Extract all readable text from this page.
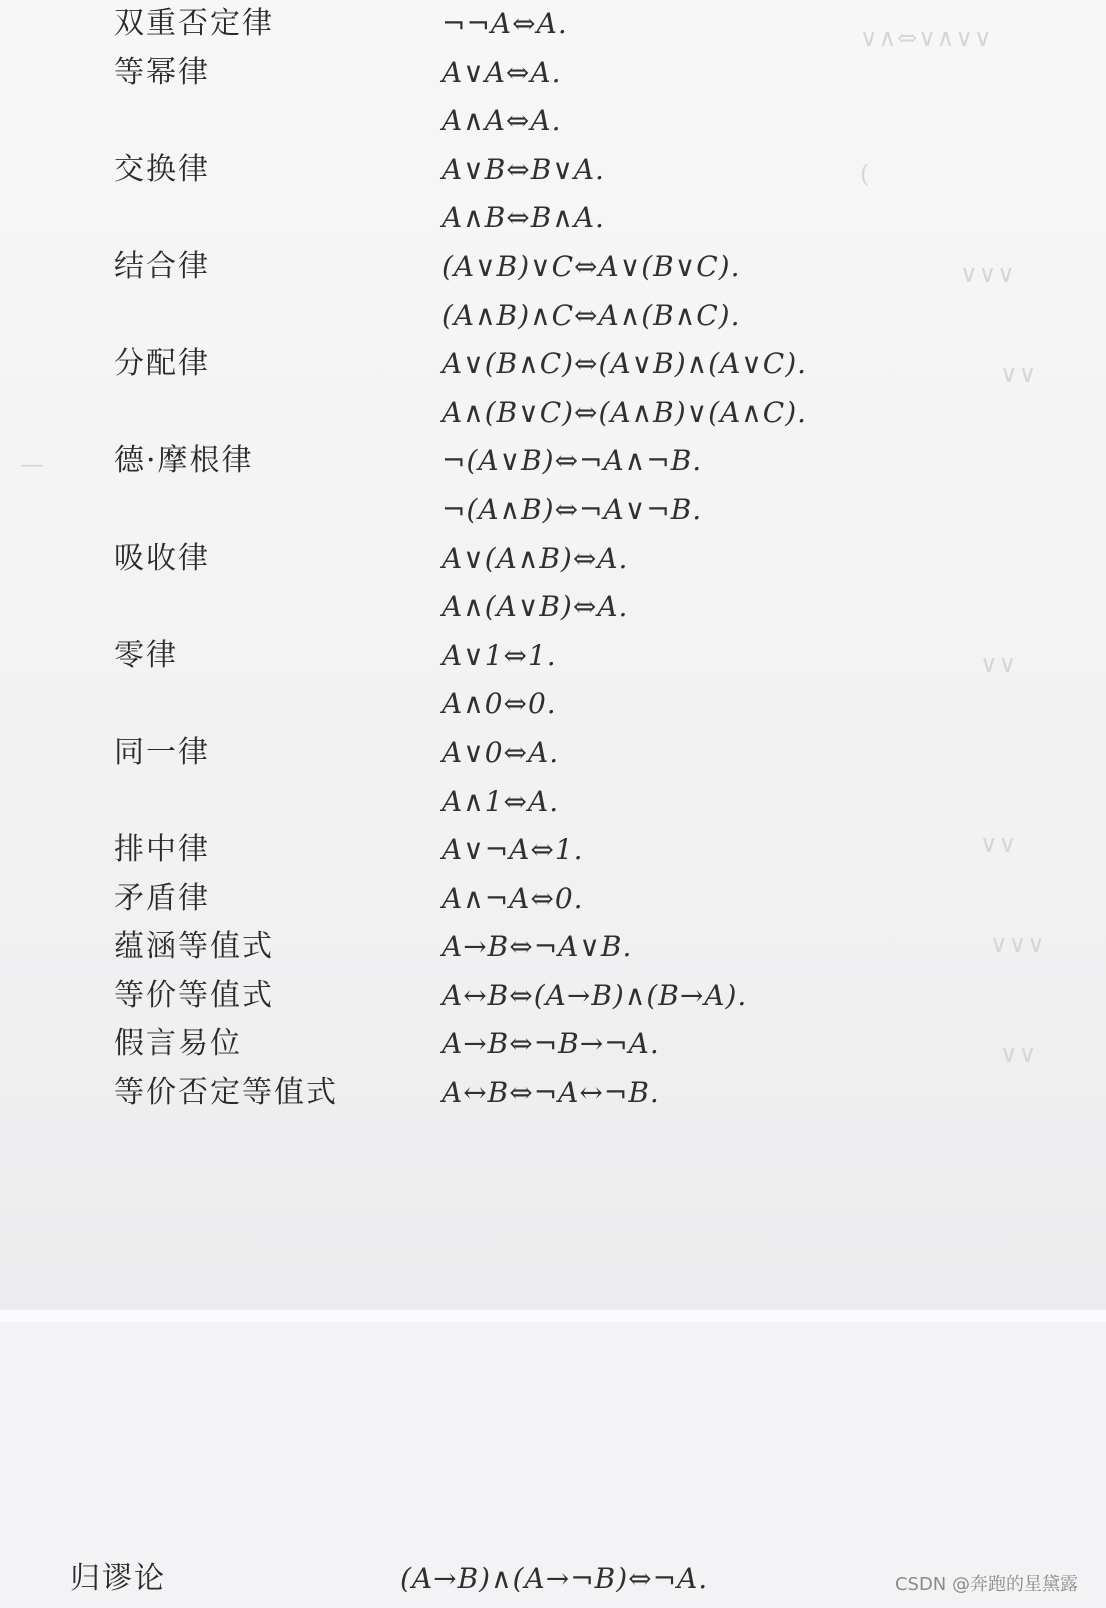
∨∧⇔∨∧∨∨
(
∨∨∨
∨∨
—
∨∨
∨∨
∨∨∨
∨∨
双重否定律	¬¬A⇔A.
等幂律	A∨A⇔A.
A∧A⇔A.
交换律	A∨B⇔B∨A.
A∧B⇔B∧A.
结合律	(A∨B)∨C⇔A∨(B∨C).
(A∧B)∧C⇔A∧(B∧C).
分配律	A∨(B∧C)⇔(A∨B)∧(A∨C).
A∧(B∨C)⇔(A∧B)∨(A∧C).
德·摩根律	¬(A∨B)⇔¬A∧¬B.
¬(A∧B)⇔¬A∨¬B.
吸收律	A∨(A∧B)⇔A.
A∧(A∨B)⇔A.
零律	A∨1⇔1.
A∧0⇔0.
同一律	A∨0⇔A.
A∧1⇔A.
排中律	A∨¬A⇔1.
矛盾律	A∧¬A⇔0.
蕴涵等值式	A→B⇔¬A∨B.
等价等值式	A↔B⇔(A→B)∧(B→A).
假言易位	A→B⇔¬B→¬A.
等价否定等值式	A↔B⇔¬A↔¬B.
归谬论	(A→B)∧(A→¬B)⇔¬A.	CSDN @奔跑的星黛露
